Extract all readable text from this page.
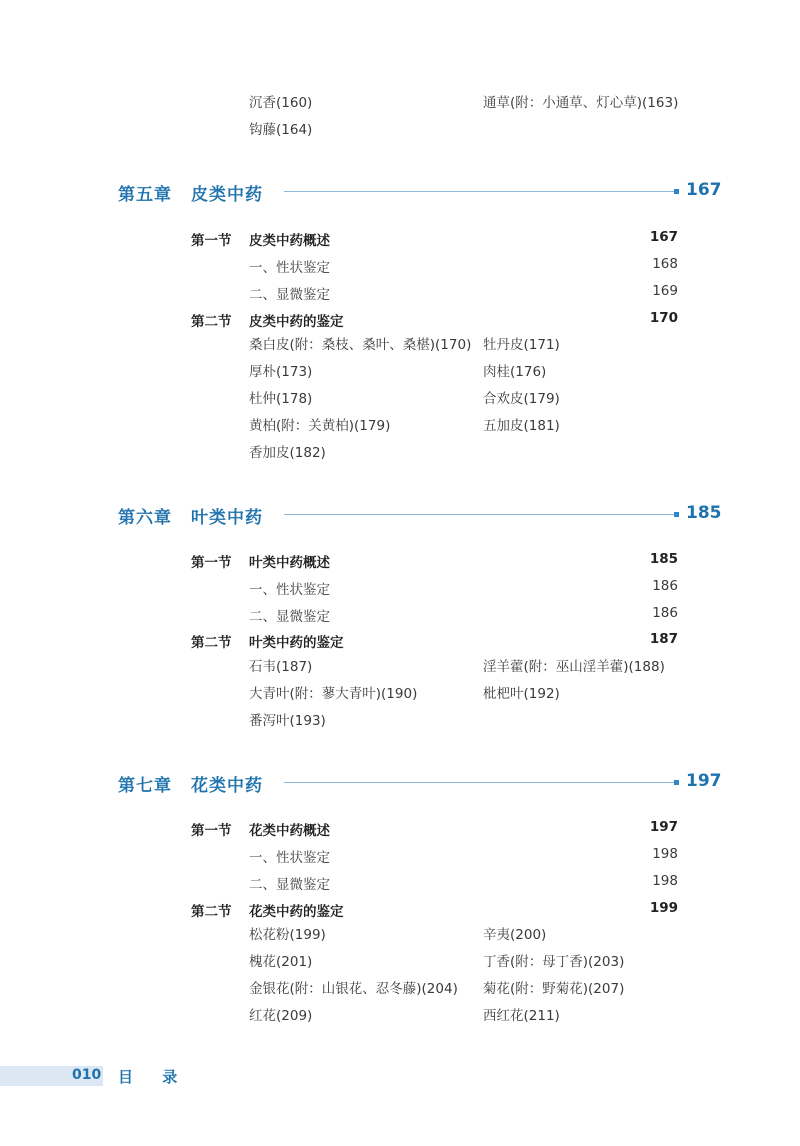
沉香(160)	通草(附：小通草、灯心草)(163)
钩藤(164)
第五章 皮类中药	167
第一节 皮类中药概述	167
一、性状鉴定	168
二、显微鉴定	169
第二节 皮类中药的鉴定	170
桑白皮(附：桑枝、桑叶、桑椹)(170) 牡丹皮(171)
厚朴(173)	肉桂(176)
杜仲(178)	合欢皮(179)
黄柏(附：关黄柏)(179)	五加皮(181)
香加皮(182)
第六章 叶类中药	185
第一节 叶类中药概述	185
一、性状鉴定	186
二、显微鉴定	186
第二节 叶类中药的鉴定	187
石韦(187)	淫羊藿(附：巫山淫羊藿)(188)
大青叶(附：蓼大青叶)(190)	枇杷叶(192)
番泻叶(193)
第七章 花类中药	197
第一节 花类中药概述	197
一、性状鉴定	198
二、显微鉴定	198
第二节 花类中药的鉴定	199
松花粉(199)	辛夷(200)
槐花(201)	丁香(附：母丁香)(203)
金银花(附：山银花、忍冬藤)(204) 菊花(附：野菊花)(207)
红花(209)	西红花(211)
010 目 录
